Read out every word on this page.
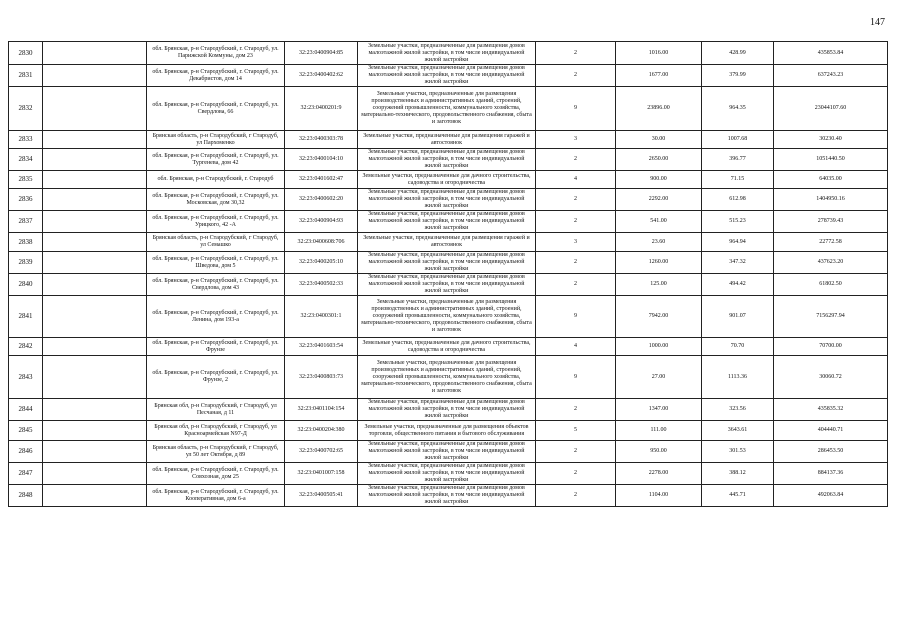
147
2830		обл. Брянская, р-н Стародубский, г. Стародуб, ул. Парижской Коммуны, дом 23	32:23:0400904:85	Земельные участки, предназначенные для размещения домов малоэтажной жилой застройки, в том числе индивидуальной жилой застройки	2	1016.00	428.99	435853.84
2831		обл. Брянская, р-н Стародубский, г. Стародуб, ул. Декабристов, дом 14	32:23:0400402:62	Земельные участки, предназначенные для размещения домов малоэтажной жилой застройки, в том числе индивидуальной жилой застройки	2	1677.00	379.99	637243.23
2832		обл. Брянская, р-н Стародубский, г. Стародуб, ул. Свердлова, 66	32:23:0400201:9	Земельные участки, предназначенные для размещения производственных и административных зданий, строений, сооружений промышленности, коммунального хозяйства, материально-технического, продовольственного снабжения, сбыта и заготовок	9	23896.00	964.35	23044107.60
2833		Брянская область, р-н Стародубский, г Стародуб, ул Пархоменко	32:23:0400303:78	Земельные участки, предназначенные для размещения гаражей и автостоянок	3	30.00	1007.68	30230.40
2834		обл. Брянская, р-н Стародубский, г. Стародуб, ул. Тургенева, дом 42	32:23:0400104:10	Земельные участки, предназначенные для размещения домов малоэтажной жилой застройки, в том числе индивидуальной жилой застройки	2	2650.00	396.77	1051440.50
2835		обл. Брянская, р-н Стародубский, г. Стародуб	32:23:0401602:47	Земельные участки, предназначенные для дачного строительства, садоводства и огородничества	4	900.00	71.15	64035.00
2836		обл. Брянская, р-н Стародубский, г. Стародуб, ул. Московская, дом 30,32	32:23:0400602:20	Земельные участки, предназначенные для размещения домов малоэтажной жилой застройки, в том числе индивидуальной жилой застройки	2	2292.00	612.98	1404950.16
2837		обл. Брянская, р-н Стародубский, г. Стародуб, ул. Урицкого, 42 -А	32:23:0400904:93	Земельные участки, предназначенные для размещения домов малоэтажной жилой застройки, в том числе индивидуальной жилой застройки	2	541.00	515.23	278739.43
2838		Брянская область, р-н Стародубский, г Стародуб, ул Семашко	32:23:0400608:706	Земельные участки, предназначенные для размещения гаражей и автостоянок	3	23.60	964.94	22772.58
2839		обл. Брянская, р-н Стародубский, г. Стародуб, ул. Шведова, дом 5	32:23:0400205:10	Земельные участки, предназначенные для размещения домов малоэтажной жилой застройки, в том числе индивидуальной жилой застройки	2	1260.00	347.32	437623.20
2840		обл. Брянская, р-н Стародубский, г. Стародуб, ул. Свердлова, дом 43	32:23:0400502:33	Земельные участки, предназначенные для размещения домов малоэтажной жилой застройки, в том числе индивидуальной жилой застройки	2	125.00	494.42	61802.50
2841		обл. Брянская, р-н Стародубский, г. Стародуб, ул. Ленина, дом 193-а	32:23:0400301:1	Земельные участки, предназначенные для размещения производственных и административных зданий, строений, сооружений промышленности, коммунального хозяйства, материально-технического, продовольственного снабжения, сбыта и заготовок	9	7942.00	901.07	7156297.94
2842		обл. Брянская, р-н Стародубский, г. Стародуб, ул. Фрунзе	32:23:0401603:54	Земельные участки, предназначенные для дачного строительства, садоводства и огородничества	4	1000.00	70.70	70700.00
2843		обл. Брянская, р-н Стародубский, г. Стародуб, ул. Фрунзе, 2	32:23:0400803:73	Земельные участки, предназначенные для размещения производственных и административных зданий, строений, сооружений промышленности, коммунального хозяйства, материально-технического, продовольственного снабжения, сбыта и заготовок	9	27.00	1113.36	30060.72
2844		Брянская обл, р-н Стародубский, г Стародуб, ул Песчаная, д 11	32:23:0401104:154	Земельные участки, предназначенные для размещения домов малоэтажной жилой застройки, в том числе индивидуальной жилой застройки	2	1347.00	323.56	435835.32
2845		Брянская обл, р-н Стародубский, г Стародуб, ул Красноармейская N97-Д	32:23:0400204:380	Земельные участки, предназначенные для размещения объектов торговли, общественного питания и бытового обслуживания	5	111.00	3643.61	404440.71
2846		Брянская область, р-н Стародубский, г Стародуб, ул 50 лет Октября, д 89	32:23:0400702:65	Земельные участки, предназначенные для размещения домов малоэтажной жилой застройки, в том числе индивидуальной жилой застройки	2	950.00	301.53	286453.50
2847		обл. Брянская, р-н Стародубский, г. Стародуб, ул. Совхозная, дом 25	32:23:0401007:158	Земельные участки, предназначенные для размещения домов малоэтажной жилой застройки, в том числе индивидуальной жилой застройки	2	2278.00	388.12	884137.36
2848		обл. Брянская, р-н Стародубский, г. Стародуб, ул. Кооперативная, дом 6-а	32:23:0400505:41	Земельные участки, предназначенные для размещения домов малоэтажной жилой застройки, в том числе индивидуальной жилой застройки	2	1104.00	445.71	492063.84
